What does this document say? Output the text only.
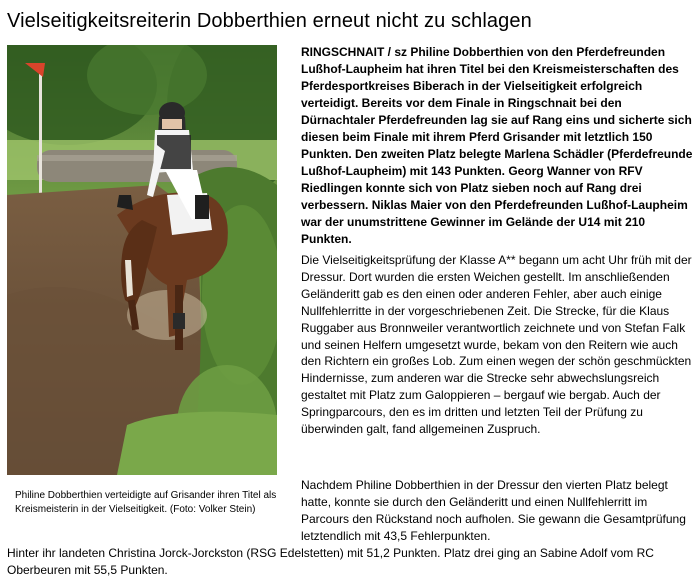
Vielseitigkeitsreiterin Dobberthien erneut nicht zu schlagen

Philine Dobberthien verteidigte auf Grisander ihren Titel als Kreismeisterin in der Vielseitigkeit. (Foto: Volker Stein)

RINGSCHNAIT / sz Philine Dobberthien von den Pferdefreunden Lußhof-Laupheim hat ihren Titel bei den Kreismeisterschaften des Pferdesportkreises Biberach in der Vielseitigkeit erfolgreich verteidigt. Bereits vor dem Finale in Ringschnait bei den Dürnachtaler Pferdefreunden lag sie auf Rang eins und sicherte sich diesen beim Finale mit ihrem Pferd Grisander mit letztlich 150 Punkten. Den zweiten Platz belegte Marlena Schädler (Pferdefreunde Lußhof-Laupheim) mit 143 Punkten. Georg Wanner von RFV Riedlingen konnte sich von Platz sieben noch auf Rang drei verbessern. Niklas Maier von den Pferdefreunden Lußhof-Laupheim war der unumstrittene Gewinner im Gelände der U14 mit 210 Punkten.

Die Vielseitigkeitsprüfung der Klasse A** begann um acht Uhr früh mit der Dressur. Dort wurden die ersten Weichen gestellt. Im anschließenden Geländeritt gab es den einen oder anderen Fehler, aber auch einige Nullfehlerritte in der vorgeschriebenen Zeit. Die Strecke, für die Klaus Ruggaber aus Bronnweiler verantwortlich zeichnete und von Stefan Falk und seinen Helfern umgesetzt wurde, bekam von den Reitern wie auch den Richtern ein großes Lob. Zum einen wegen der schön geschmückten Hindernisse, zum anderen war die Strecke sehr abwechslungsreich gestaltet mit Platz zum Galoppieren – bergauf wie bergab. Auch der Springparcours, den es im dritten und letzten Teil der Prüfung zu überwinden galt, fand allgemeinen Zuspruch.

Nachdem Philine Dobberthien in der Dressur den vierten Platz belegt hatte, konnte sie durch den Geländeritt und einen Nullfehlerritt im Parcours den Rückstand noch aufholen. Sie gewann die Gesamtprüfung letztendlich mit 43,5 Fehlerpunkten.

Hinter ihr landeten Christina Jorck-Jorckston (RSG Edelstetten) mit 51,2 Punkten. Platz drei ging an Sabine Adolf vom RC Oberbeuren mit 55,5 Punkten.
